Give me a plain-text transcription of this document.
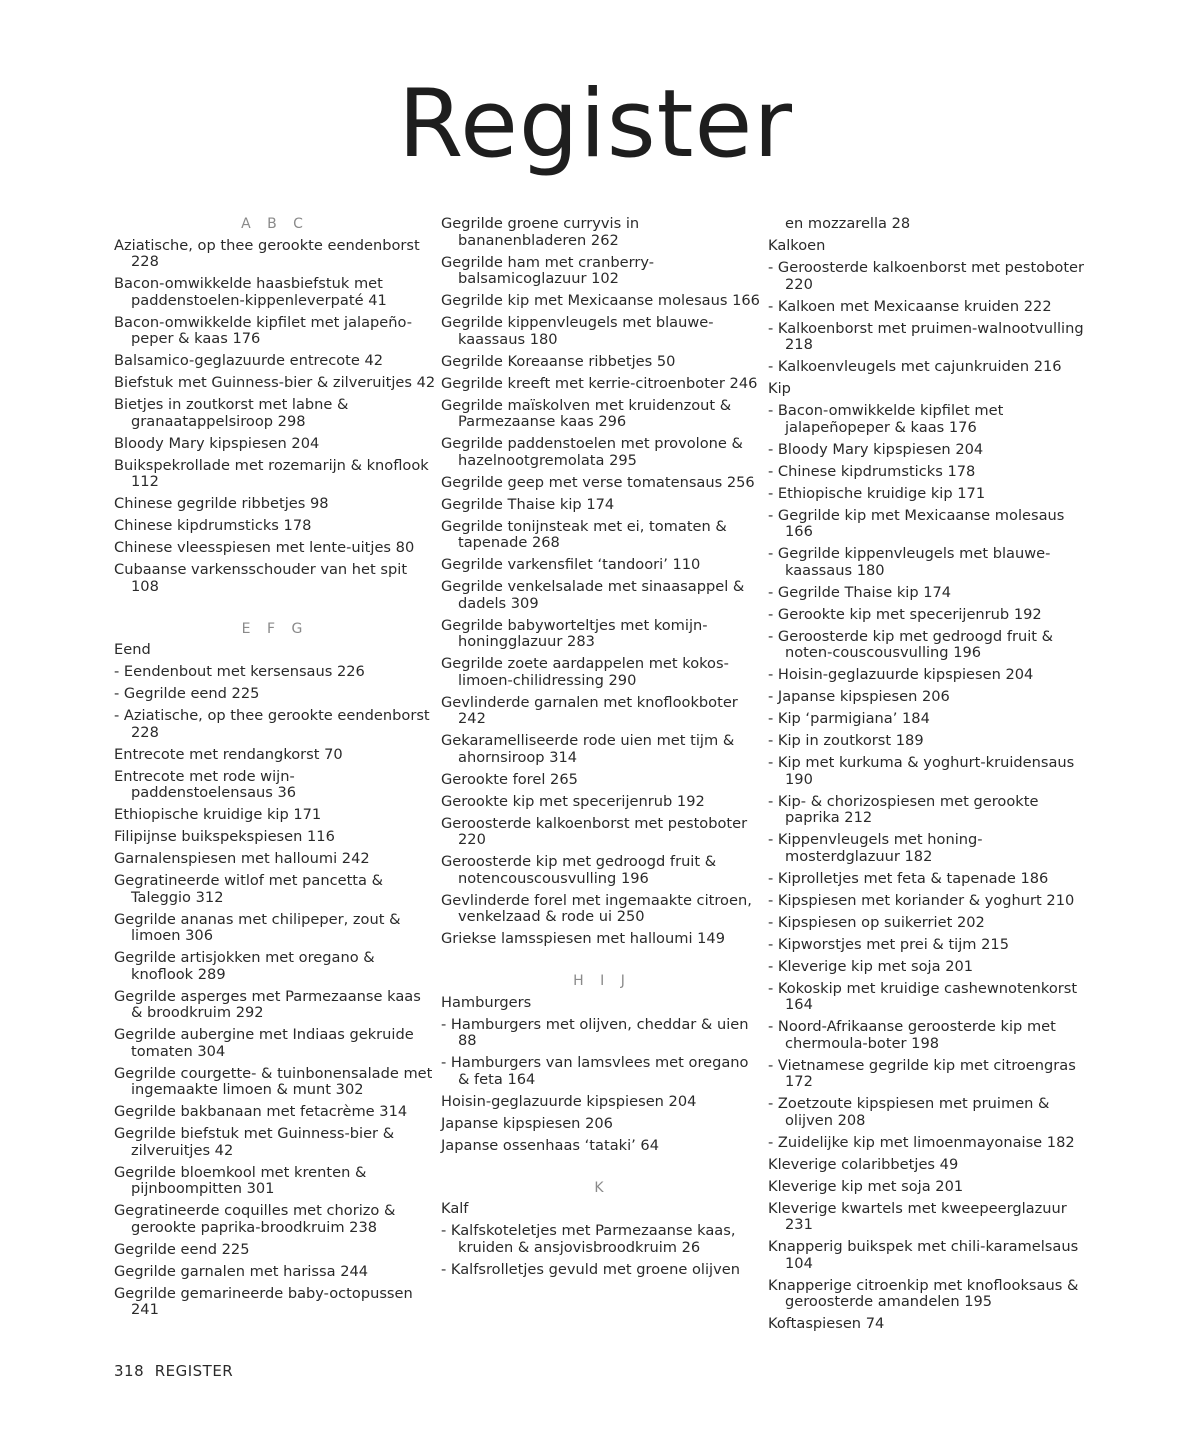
Register
A B C
Aziatische, op thee gerookte eendenborst 228
Bacon-omwikkelde haasbiefstuk met paddenstoelen-kippenleverpaté 41
Bacon-omwikkelde kipfilet met jalapeño-peper & kaas 176
Balsamico-geglazuurde entrecote 42
Biefstuk met Guinness-bier & zilveruitjes 42
Bietjes in zoutkorst met labne & granaatappelsiroop 298
Bloody Mary kipspiesen 204
Buikspekrollade met rozemarijn & knoflook 112
Chinese gegrilde ribbetjes 98
Chinese kipdrumsticks 178
Chinese vleesspiesen met lente-uitjes 80
Cubaanse varkensschouder van het spit 108
E F G
Eend
- Eendenbout met kersensaus 226
- Gegrilde eend 225
- Aziatische, op thee gerookte eendenborst 228
Entrecote met rendangkorst 70
Entrecote met rode wijn-paddenstoelensaus 36
Ethiopische kruidige kip 171
Filipijnse buikspekspiesen 116
Garnalenspiesen met halloumi 242
Gegratineerde witlof met pancetta & Taleggio 312
Gegrilde ananas met chilipeper, zout & limoen 306
Gegrilde artisjokken met oregano & knoflook 289
Gegrilde asperges met Parmezaanse kaas & broodkruim 292
Gegrilde aubergine met Indiaas gekruide tomaten 304
Gegrilde courgette- & tuinbonensalade met ingemaakte limoen & munt 302
Gegrilde bakbanaan met fetacrème 314
Gegrilde biefstuk met Guinness-bier & zilveruitjes 42
Gegrilde bloemkool met krenten & pijnboompitten 301
Gegratineerde coquilles met chorizo & gerookte paprika-broodkruim 238
Gegrilde eend 225
Gegrilde garnalen met harissa 244
Gegrilde gemarineerde baby-octopussen 241
Gegrilde groene curryvis in bananenbladeren 262
Gegrilde ham met cranberry-balsamicoglazuur 102
Gegrilde kip met Mexicaanse molesaus 166
Gegrilde kippenvleugels met blauwe-kaassaus 180
Gegrilde Koreaanse ribbetjes 50
Gegrilde kreeft met kerrie-citroenboter 246
Gegrilde maïskolven met kruidenzout & Parmezaanse kaas 296
Gegrilde paddenstoelen met provolone & hazelnootgremolata 295
Gegrilde geep met verse tomatensaus 256
Gegrilde Thaise kip 174
Gegrilde tonijnsteak met ei, tomaten & tapenade 268
Gegrilde varkensfilet ‘tandoori’ 110
Gegrilde venkelsalade met sinaasappel & dadels 309
Gegrilde babyworteltjes met komijn-honingglazuur 283
Gegrilde zoete aardappelen met kokos-limoen-chilidressing 290
Gevlinderde garnalen met knoflookboter 242
Gekaramelliseerde rode uien met tijm & ahornsiroop 314
Gerookte forel 265
Gerookte kip met specerijenrub 192
Geroosterde kalkoenborst met pestoboter 220
Geroosterde kip met gedroogd fruit & notencouscousvulling 196
Gevlinderde forel met ingemaakte citroen, venkelzaad & rode ui 250
Griekse lamsspiesen met halloumi 149
H I J
Hamburgers
- Hamburgers met olijven, cheddar & uien 88
- Hamburgers van lamsvlees met oregano & feta 164
Hoisin-geglazuurde kipspiesen 204
Japanse kipspiesen 206
Japanse ossenhaas ‘tataki’ 64
K
Kalf
- Kalfskoteletjes met Parmezaanse kaas, kruiden & ansjovisbroodkruim 26
- Kalfsrolletjes gevuld met groene olijven
en mozzarella 28
Kalkoen
- Geroosterde kalkoenborst met pestoboter 220
- Kalkoen met Mexicaanse kruiden 222
- Kalkoenborst met pruimen-walnootvulling 218
- Kalkoenvleugels met cajunkruiden 216
Kip
- Bacon-omwikkelde kipfilet met jalapeñopeper & kaas 176
- Bloody Mary kipspiesen 204
- Chinese kipdrumsticks 178
- Ethiopische kruidige kip 171
- Gegrilde kip met Mexicaanse molesaus 166
- Gegrilde kippenvleugels met blauwe-kaassaus 180
- Gegrilde Thaise kip 174
- Gerookte kip met specerijenrub 192
- Geroosterde kip met gedroogd fruit & noten-couscousvulling 196
- Hoisin-geglazuurde kipspiesen 204
- Japanse kipspiesen 206
- Kip ‘parmigiana’ 184
- Kip in zoutkorst 189
- Kip met kurkuma & yoghurt-kruidensaus 190
- Kip- & chorizospiesen met gerookte paprika 212
- Kippenvleugels met honing-mosterdglazuur 182
- Kiprolletjes met feta & tapenade 186
- Kipspiesen met koriander & yoghurt 210
- Kipspiesen op suikerriet 202
- Kipworstjes met prei & tijm 215
- Kleverige kip met soja 201
- Kokoskip met kruidige cashewnotenkorst 164
- Noord-Afrikaanse geroosterde kip met chermoula-boter 198
- Vietnamese gegrilde kip met citroengras 172
- Zoetzoute kipspiesen met pruimen & olijven 208
- Zuidelijke kip met limoenmayonaise 182
Kleverige colaribbetjes 49
Kleverige kip met soja 201
Kleverige kwartels met kweepeerglazuur 231
Knapperig buikspek met chili-karamelsaus 104
Knapperige citroenkip met knoflooksaus & geroosterde amandelen 195
Koftaspiesen 74
318 REGISTER
